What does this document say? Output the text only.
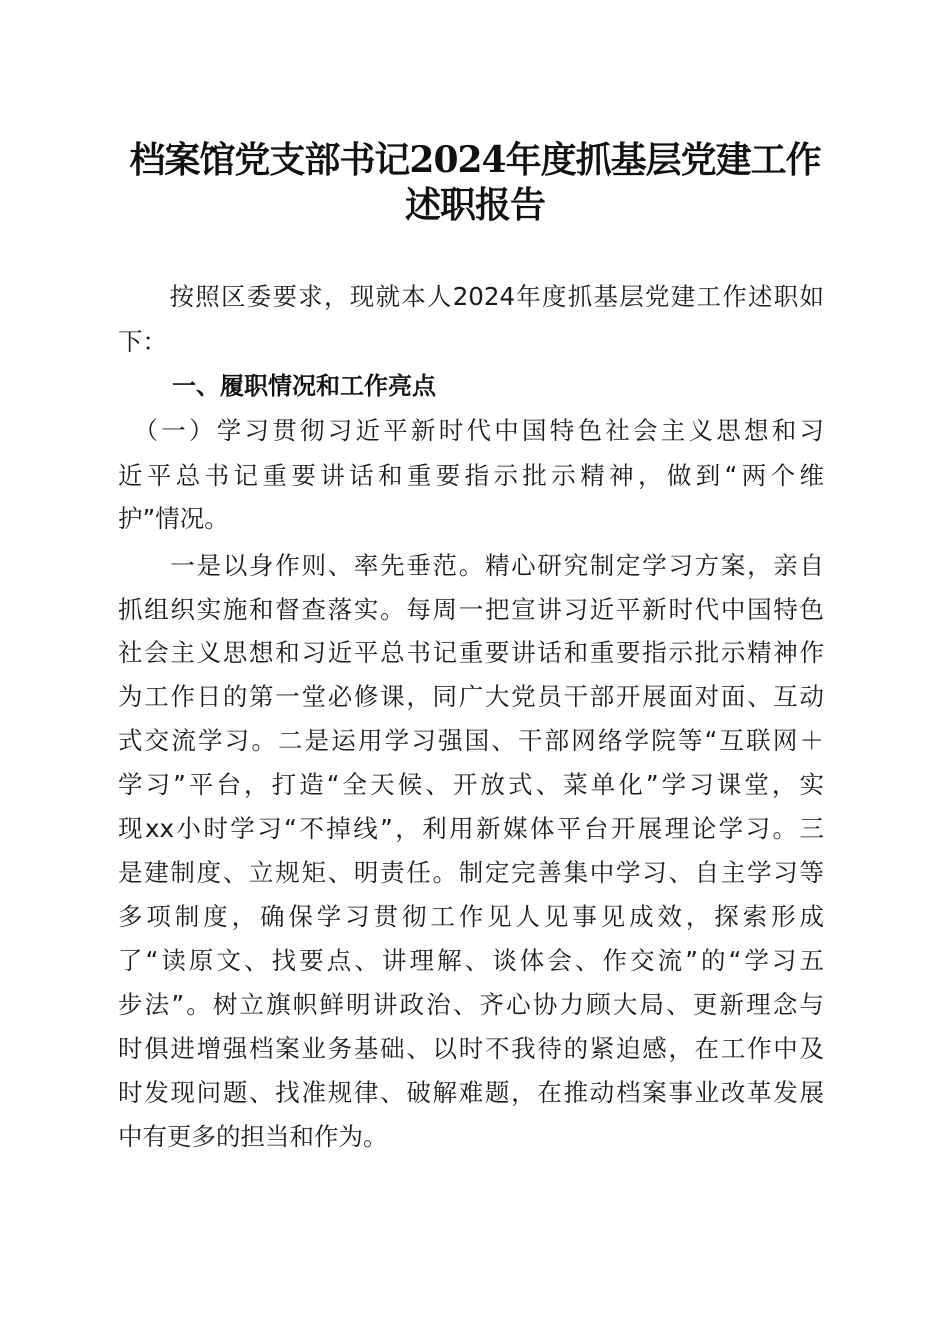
档案馆党支部书记2024年度抓基层党建工作
述职报告
　　按照区委要求，现就本人2024年度抓基层党建工作述职如
下：
一、履职情况和工作亮点
　（一）学习贯彻习近平新时代中国特色社会主义思想和习
近平总书记重要讲话和重要指示批示精神，做到“两个维
护”情况。
　　一是以身作则、率先垂范。精心研究制定学习方案，亲自
抓组织实施和督查落实。每周一把宣讲习近平新时代中国特色
社会主义思想和习近平总书记重要讲话和重要指示批示精神作
为工作日的第一堂必修课，同广大党员干部开展面对面、互动
式交流学习。二是运用学习强国、干部网络学院等“互联网＋
学习”平台，打造“全天候、开放式、菜单化”学习课堂，实
现xx小时学习“不掉线”，利用新媒体平台开展理论学习。三
是建制度、立规矩、明责任。制定完善集中学习、自主学习等
多项制度，确保学习贯彻工作见人见事见成效，探索形成
了“读原文、找要点、讲理解、谈体会、作交流”的“学习五
步法”。树立旗帜鲜明讲政治、齐心协力顾大局、更新理念与
时俱进增强档案业务基础、以时不我待的紧迫感，在工作中及
时发现问题、找准规律、破解难题，在推动档案事业改革发展
中有更多的担当和作为。
